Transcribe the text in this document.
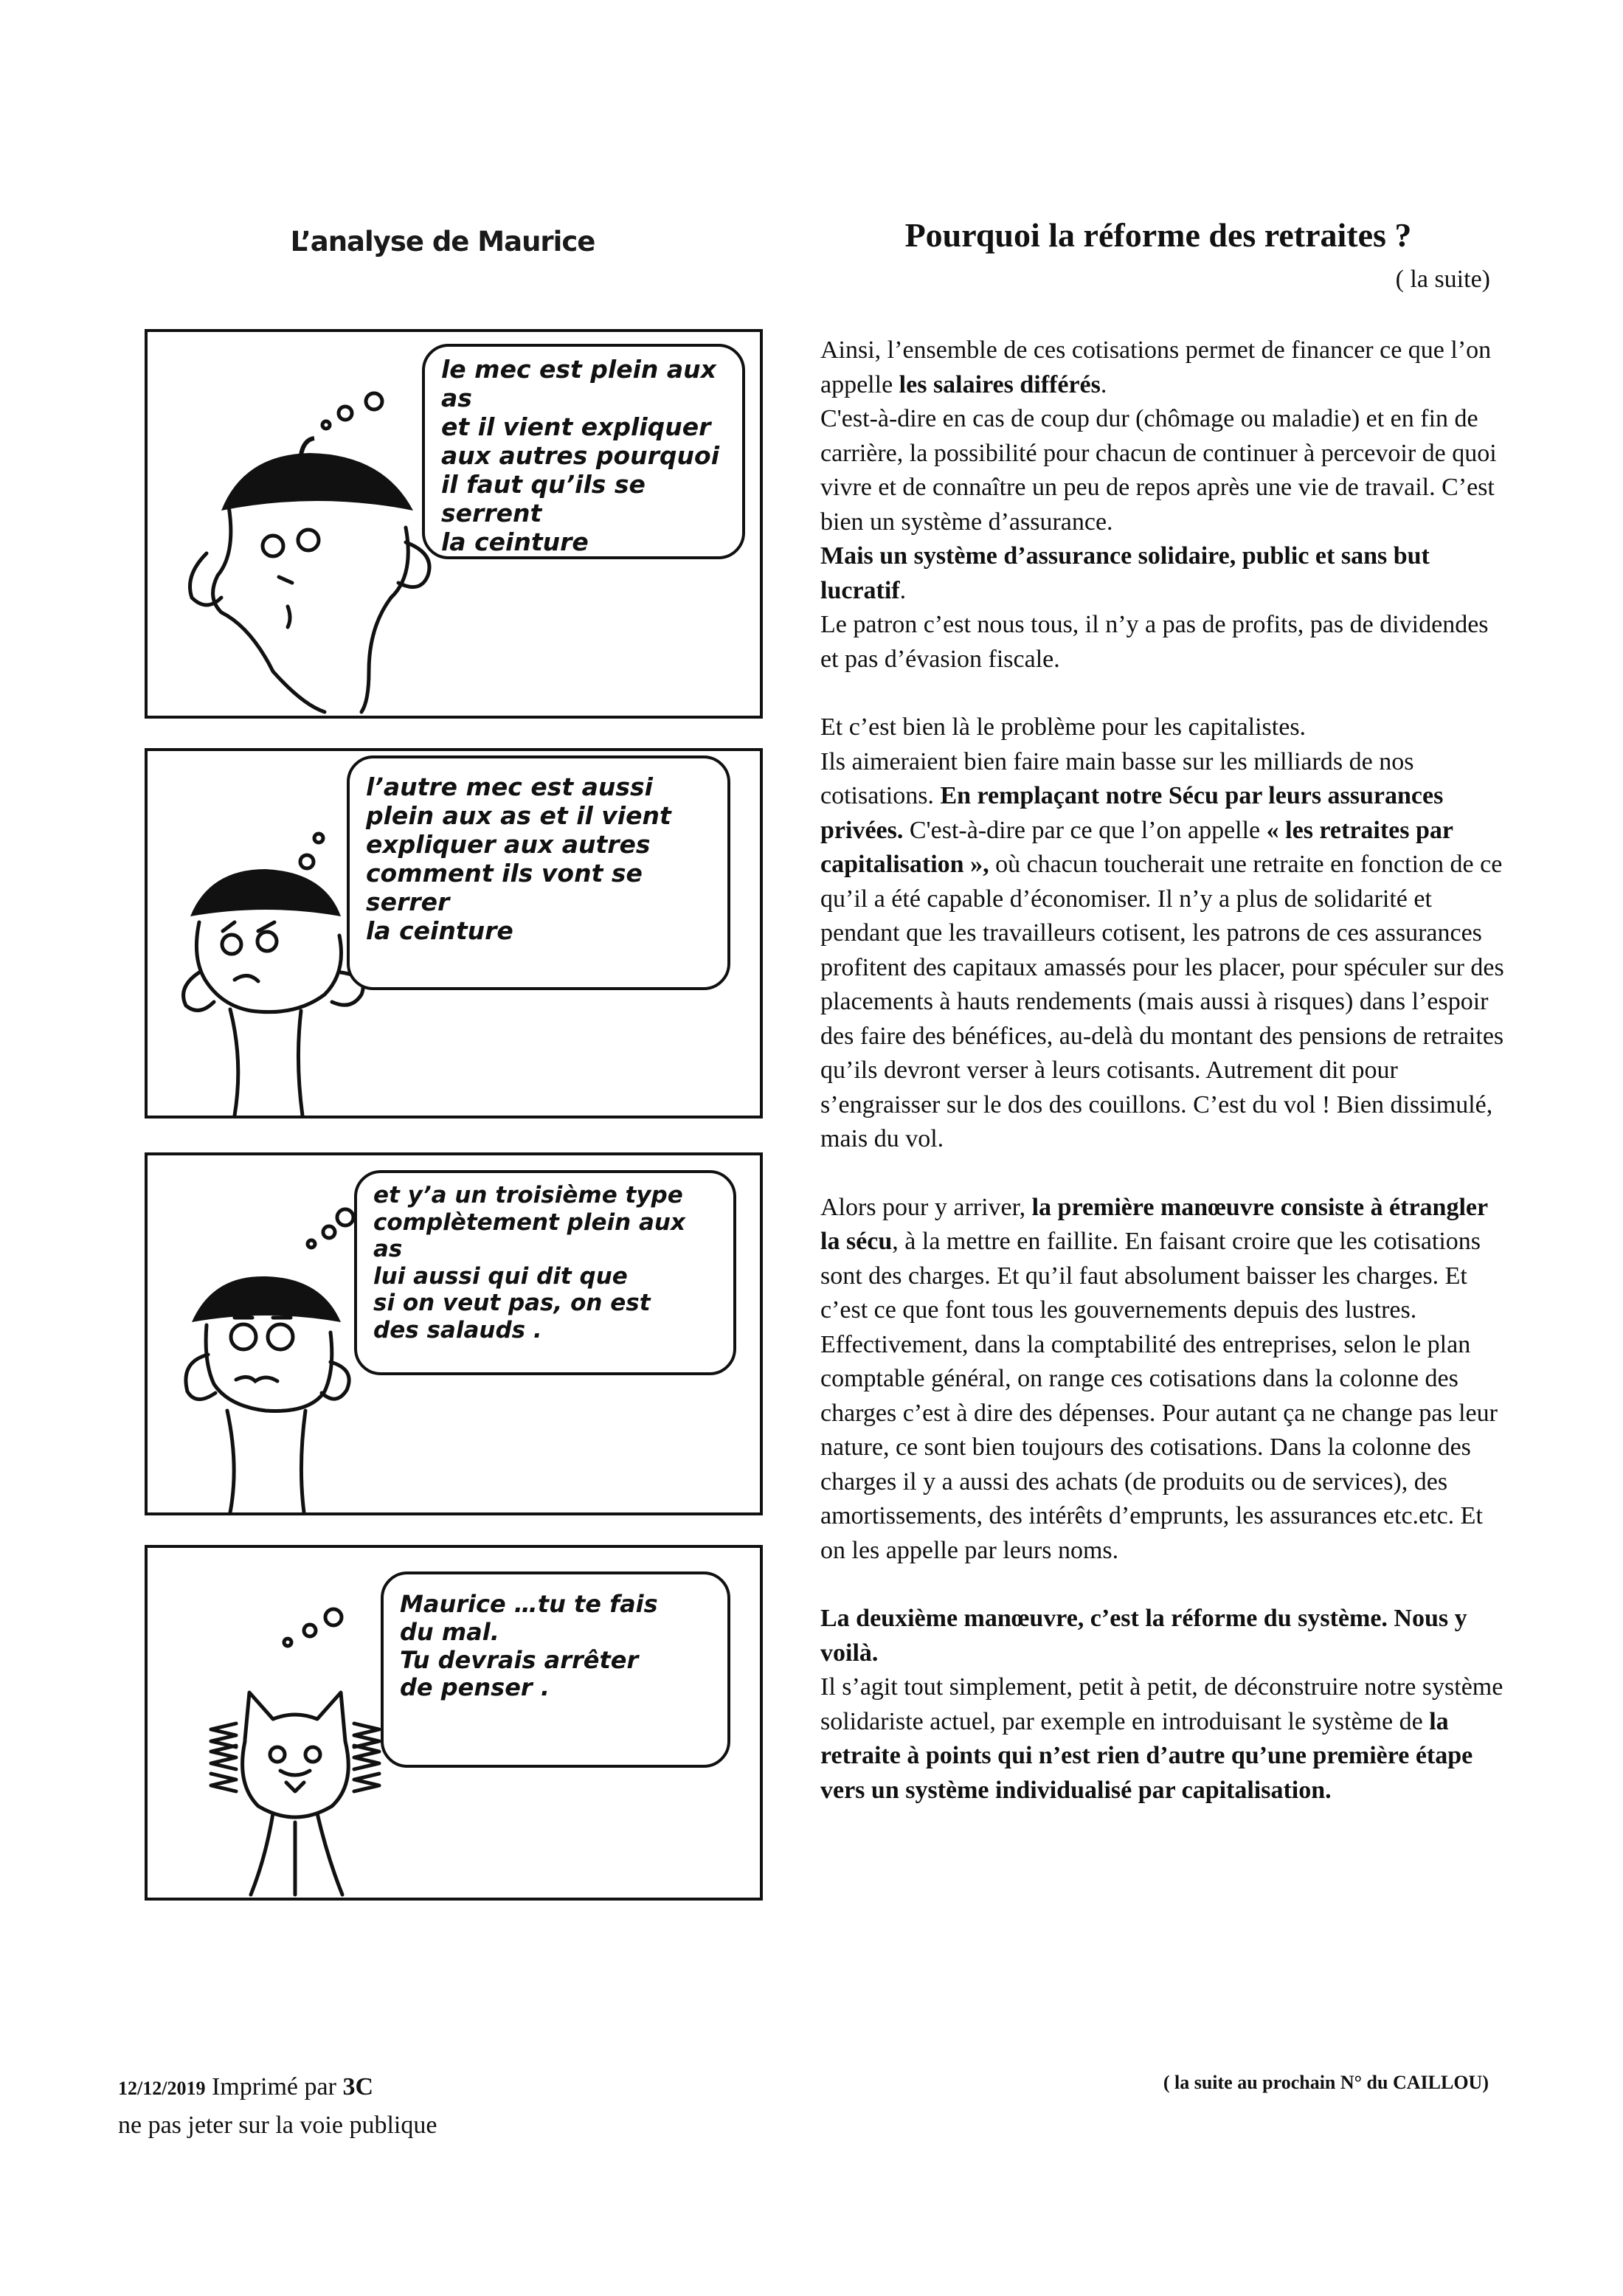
L’analyse de Maurice
le mec est plein aux as
et il vient expliquer
aux autres pourquoi
il faut qu’ils se serrent
la ceinture
l’autre mec est aussi
plein aux as et il vient
expliquer aux autres
comment ils vont se serrer
la ceinture
et y’a un troisième type
complètement plein aux as
lui aussi qui dit que
si on veut pas, on est
des salauds .
Maurice …tu te fais
du mal.
Tu devrais arrêter
de penser .
Pourquoi la réforme des retraites ?
( la suite)

Ainsi, l’ensemble de ces cotisations permet de financer ce que l’on appelle les salaires différés.
C'est-à-dire en cas de coup dur (chômage ou maladie) et en fin de carrière, la possibilité pour chacun de continuer à percevoir de quoi vivre et de connaître un peu de repos après une vie de travail. C’est bien un système d’assurance.
Mais un système d’assurance solidaire, public et sans but lucratif.
Le patron c’est nous tous, il n’y a pas de profits, pas de dividendes et pas d’évasion fiscale.

Et c’est bien là le problème pour les capitalistes.
Ils aimeraient bien faire main basse sur les milliards de nos cotisations. En remplaçant notre Sécu par leurs assurances privées. C'est-à-dire par ce que l’on appelle « les retraites par capitalisation », où chacun toucherait une retraite en fonction de ce qu’il a été capable d’économiser. Il n’y a plus de solidarité et pendant que les travailleurs cotisent, les patrons de ces assurances profitent des capitaux amassés pour les placer, pour spéculer sur des placements à hauts rendements (mais aussi à risques) dans l’espoir des faire des bénéfices, au-delà du montant des pensions de retraites qu’ils devront verser à leurs cotisants. Autrement dit pour s’engraisser sur le dos des couillons. C’est du vol ! Bien dissimulé, mais du vol.

Alors pour y arriver, la première manœuvre consiste à étrangler la sécu, à la mettre en faillite. En faisant croire que les cotisations sont des charges. Et qu’il faut absolument baisser les charges. Et c’est ce que font tous les gouvernements depuis des lustres.
Effectivement, dans la comptabilité des entreprises, selon le plan comptable général, on range ces cotisations dans la colonne des charges c’est à dire des dépenses. Pour autant ça ne change pas leur nature, ce sont bien toujours des cotisations. Dans la colonne des charges il y a aussi des achats (de produits ou de services), des amortissements, des intérêts d’emprunts, les assurances etc.etc. Et on les appelle par leurs noms.

La deuxième manœuvre, c’est la réforme du système. Nous y voilà.
Il s’agit tout simplement, petit à petit, de déconstruire notre système solidariste actuel, par exemple en introduisant le système de la retraite à points qui n’est rien d’autre qu’une première étape vers un système individualisé par capitalisation.

12/12/2019 Imprimé par 3C
ne pas jeter sur la voie publique
( la suite au prochain N° du CAILLOU)
